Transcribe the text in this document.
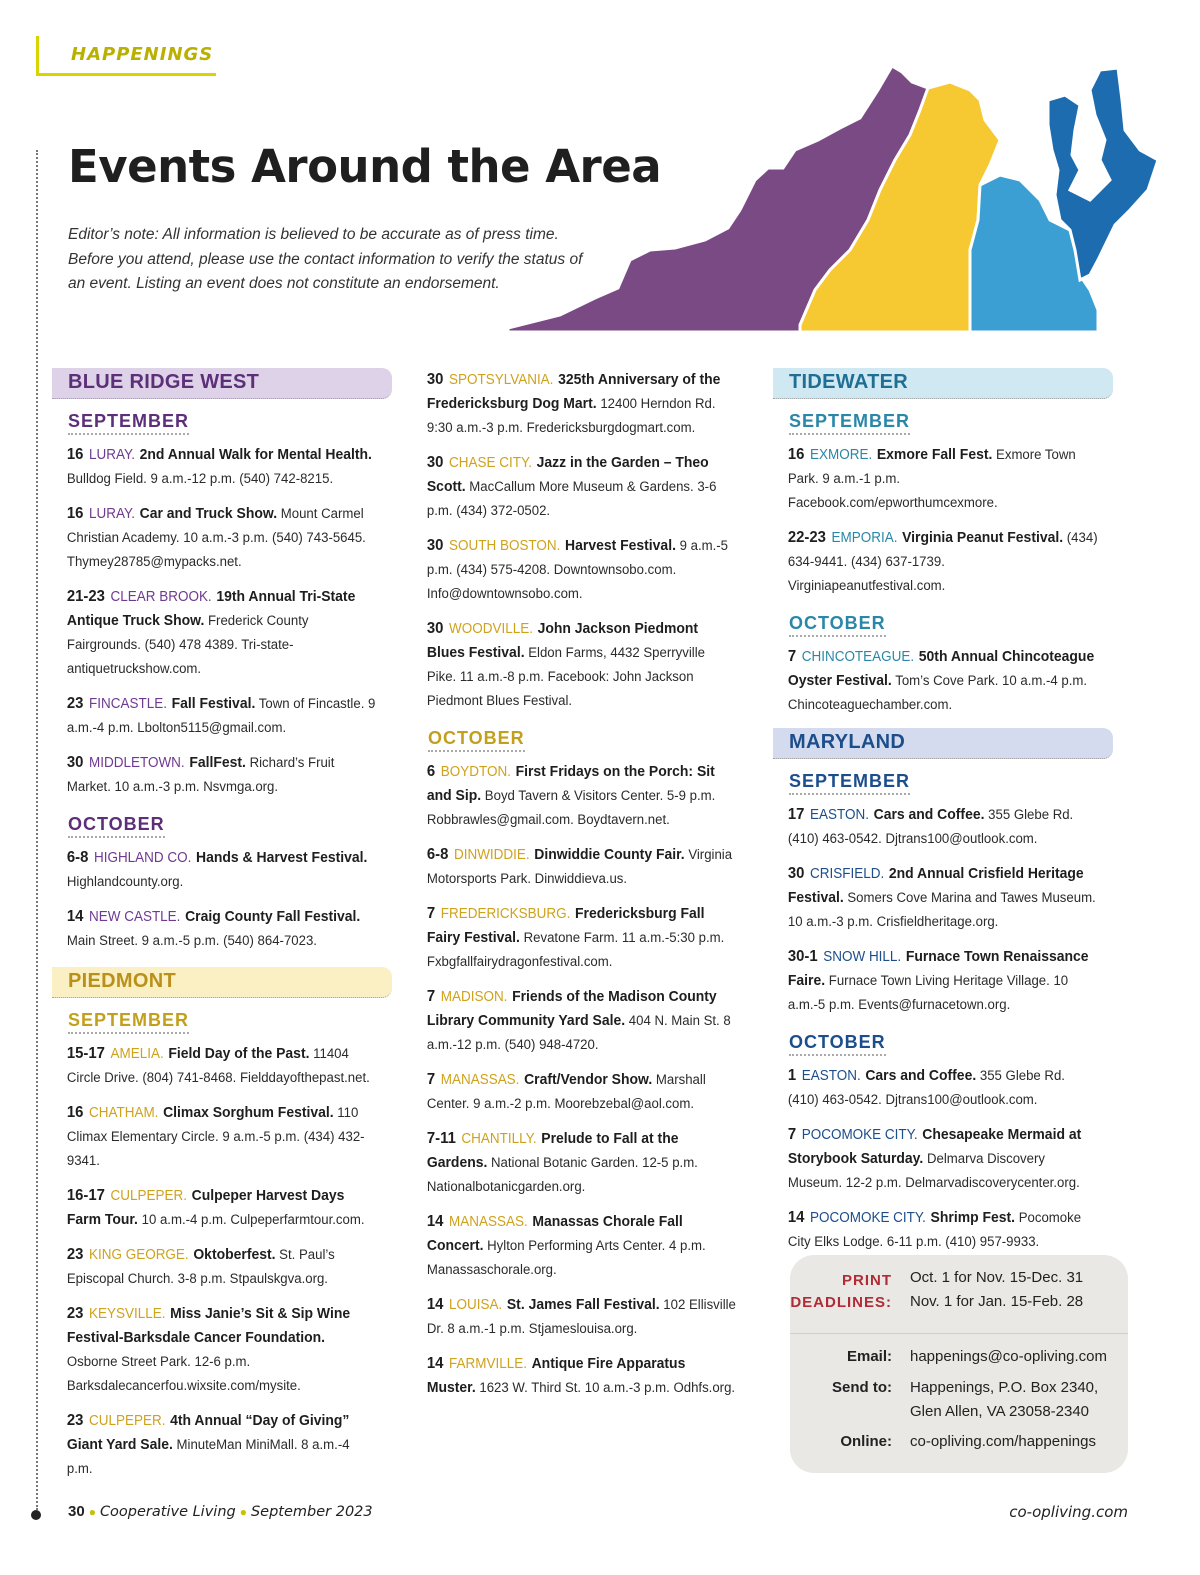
HAPPENINGS
Events Around the Area

Editor’s note: All information is believed to be accurate as of press time. Before you attend, please use the contact information to verify the status of an event. Listing an event does not constitute an endorsement.

BLUE RIDGE WEST
SEPTEMBER
16 LURAY. 2nd Annual Walk for Mental Health. Bulldog Field. 9 a.m.-12 p.m. (540) 742-8215.
16 LURAY. Car and Truck Show. Mount Carmel Christian Academy. 10 a.m.-3 p.m. (540) 743-5645. Thymey28785@mypacks.net.
21-23 CLEAR BROOK. 19th Annual Tri-State Antique Truck Show. Frederick County Fairgrounds. (540) 478 4389. Tri-state-antiquetruckshow.com.
23 FINCASTLE. Fall Festival. Town of Fincastle. 9 a.m.-4 p.m. Lbolton5115@gmail.com.
30 MIDDLETOWN. FallFest. Richard’s Fruit Market. 10 a.m.-3 p.m. Nsvmga.org.
OCTOBER
6-8 HIGHLAND CO. Hands & Harvest Festival. Highlandcounty.org.
14 NEW CASTLE. Craig County Fall Festival. Main Street. 9 a.m.-5 p.m. (540) 864-7023.
PIEDMONT
SEPTEMBER
15-17 AMELIA. Field Day of the Past. 11404 Circle Drive. (804) 741-8468. Fielddayofthepast.net.
16 CHATHAM. Climax Sorghum Festival. 110 Climax Elementary Circle. 9 a.m.-5 p.m. (434) 432-9341.
16-17 CULPEPER. Culpeper Harvest Days Farm Tour. 10 a.m.-4 p.m. Culpeperfarmtour.com.
23 KING GEORGE. Oktoberfest. St. Paul’s Episcopal Church. 3-8 p.m. Stpaulskgva.org.
23 KEYSVILLE. Miss Janie’s Sit & Sip Wine Festival-Barksdale Cancer Foundation. Osborne Street Park. 12-6 p.m. Barksdalecancerfou.wixsite.com/mysite.
23 CULPEPER. 4th Annual “Day of Giving” Giant Yard Sale. MinuteMan MiniMall. 8 a.m.-4 p.m.
30 SPOTSYLVANIA. 325th Anniversary of the Fredericksburg Dog Mart. 12400 Herndon Rd. 9:30 a.m.-3 p.m. Fredericksburgdogmart.com.
30 CHASE CITY. Jazz in the Garden – Theo Scott. MacCallum More Museum & Gardens. 3-6 p.m. (434) 372-0502.
30 SOUTH BOSTON. Harvest Festival. 9 a.m.-5 p.m. (434) 575-4208. Downtownsobo.com. Info@downtownsobo.com.
30 WOODVILLE. John Jackson Piedmont Blues Festival. Eldon Farms, 4432 Sperryville Pike. 11 a.m.-8 p.m. Facebook: John Jackson Piedmont Blues Festival.
OCTOBER
6 BOYDTON. First Fridays on the Porch: Sit and Sip. Boyd Tavern & Visitors Center. 5-9 p.m. Robbrawles@gmail.com. Boydtavern.net.
6-8 DINWIDDIE. Dinwiddie County Fair. Virginia Motorsports Park. Dinwiddieva.us.
7 FREDERICKSBURG. Fredericksburg Fall Fairy Festival. Revatone Farm. 11 a.m.-5:30 p.m. Fxbgfallfairydragonfestival.com.
7 MADISON. Friends of the Madison County Library Community Yard Sale. 404 N. Main St. 8 a.m.-12 p.m. (540) 948-4720.
7 MANASSAS. Craft/Vendor Show. Marshall Center. 9 a.m.-2 p.m. Moorebzebal@aol.com.
7-11 CHANTILLY. Prelude to Fall at the Gardens. National Botanic Garden. 12-5 p.m. Nationalbotanicgarden.org.
14 MANASSAS. Manassas Chorale Fall Concert. Hylton Performing Arts Center. 4 p.m. Manassaschorale.org.
14 LOUISA. St. James Fall Festival. 102 Ellisville Dr. 8 a.m.-1 p.m. Stjameslouisa.org.
14 FARMVILLE. Antique Fire Apparatus Muster. 1623 W. Third St. 10 a.m.-3 p.m. Odhfs.org.
TIDEWATER
SEPTEMBER
16 EXMORE. Exmore Fall Fest. Exmore Town Park. 9 a.m.-1 p.m. Facebook.com/epworthumcexmore.
22-23 EMPORIA. Virginia Peanut Festival. (434) 634-9441. (434) 637-1739. Virginiapeanutfestival.com.
OCTOBER
7 CHINCOTEAGUE. 50th Annual Chincoteague Oyster Festival. Tom’s Cove Park. 10 a.m.-4 p.m. Chincoteaguechamber.com.
MARYLAND
SEPTEMBER
17 EASTON. Cars and Coffee. 355 Glebe Rd. (410) 463-0542. Djtrans100@outlook.com.
30 CRISFIELD. 2nd Annual Crisfield Heritage Festival. Somers Cove Marina and Tawes Museum. 10 a.m.-3 p.m. Crisfieldheritage.org.
30-1 SNOW HILL. Furnace Town Renaissance Faire. Furnace Town Living Heritage Village. 10 a.m.-5 p.m. Events@furnacetown.org.
OCTOBER
1 EASTON. Cars and Coffee. 355 Glebe Rd. (410) 463-0542. Djtrans100@outlook.com.
7 POCOMOKE CITY. Chesapeake Mermaid at Storybook Saturday. Delmarva Discovery Museum. 12-2 p.m. Delmarvadiscoverycenter.org.
14 POCOMOKE CITY. Shrimp Fest. Pocomoke City Elks Lodge. 6-11 p.m. (410) 957-9933.
PRINT
DEADLINES:
Oct. 1 for Nov. 15-Dec. 31
Nov. 1 for Jan. 15-Feb. 28
Email: happenings@co-opliving.com
Send to: Happenings, P.O. Box 2340,
Glen Allen, VA 23058-2340
Online: co-opliving.com/happenings
30 ● Cooperative Living ● September 2023	co-opliving.com
